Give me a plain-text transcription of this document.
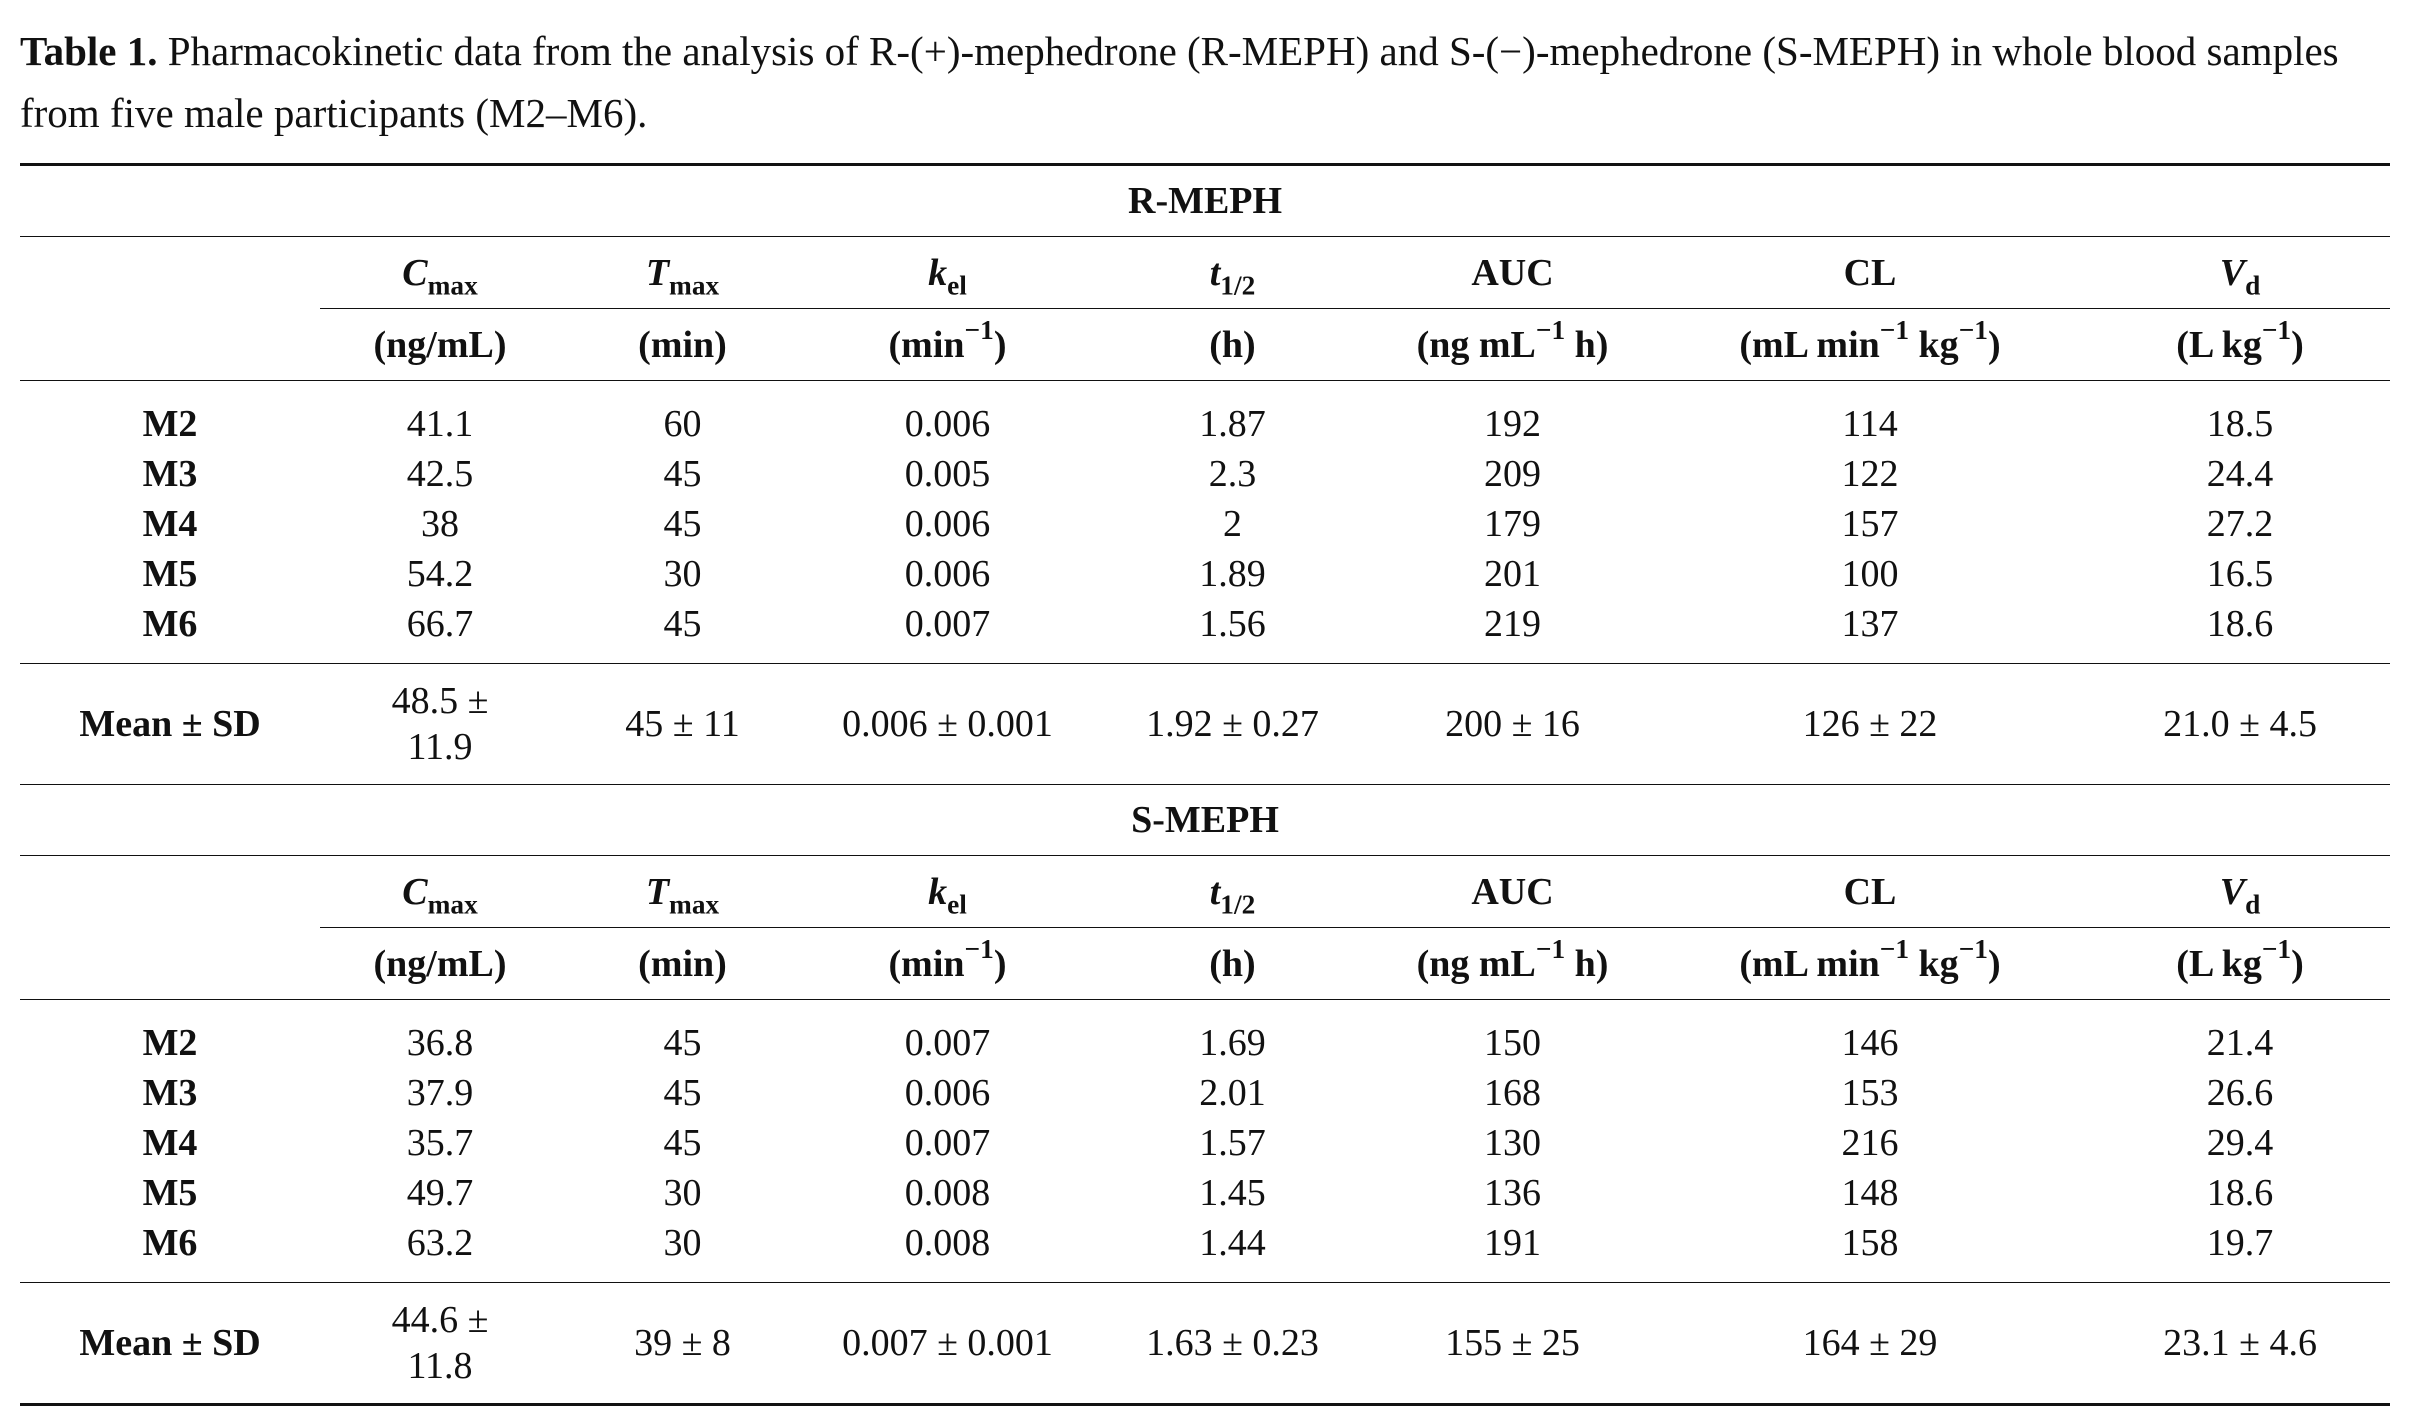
Table 1. Pharmacokinetic data from the analysis of R-(+)-mephedrone (R-MEPH) and S-(−)-mephedrone (S-MEPH) in whole blood samples from five male participants (M2–M6).
R-MEPH							
	$C_{max}$	$T_{max}$	$k_{el}$	$t_{1/2}$	AUC	CL	$V_d$
	(ng/mL)	(min)	$(\min^{-1})$	(h)	(ng $mL^{-1}$ h)	(mL $\min^{-1} kg^{-1}$)	(L $kg^{-1}$)
M2	41.1	60	0.006	1.87	192	114	18.5
M3	42.5	45	0.005	2.3	209	122	24.4
M4	38	45	0.006	2	179	157	27.2
M5	54.2	30	0.006	1.89	201	100	16.5
M6	66.7	45	0.007	1.56	219	137	18.6
Mean ± SD	48.5 ± 11.9	45 ± 11	0.006 ± 0.001	1.92 ± 0.27	200 ± 16	126 ± 22	21.0 ± 4.5
S-MEPH							
	$C_{max}$	$T_{max}$	$k_{el}$	$t_{1/2}$	AUC	CL	$V_d$
	(ng/mL)	(min)	$(\min^{-1})$	(h)	(ng $mL^{-1}$ h)	(mL $\min^{-1} kg^{-1}$)	(L $kg^{-1}$)
M2	36.8	45	0.007	1.69	150	146	21.4
M3	37.9	45	0.006	2.01	168	153	26.6
M4	35.7	45	0.007	1.57	130	216	29.4
M5	49.7	30	0.008	1.45	136	148	18.6
M6	63.2	30	0.008	1.44	191	158	19.7
Mean ± SD	44.6 ± 11.8	39 ± 8	0.007 ± 0.001	1.63 ± 0.23	155 ± 25	164 ± 29	23.1 ± 4.6
